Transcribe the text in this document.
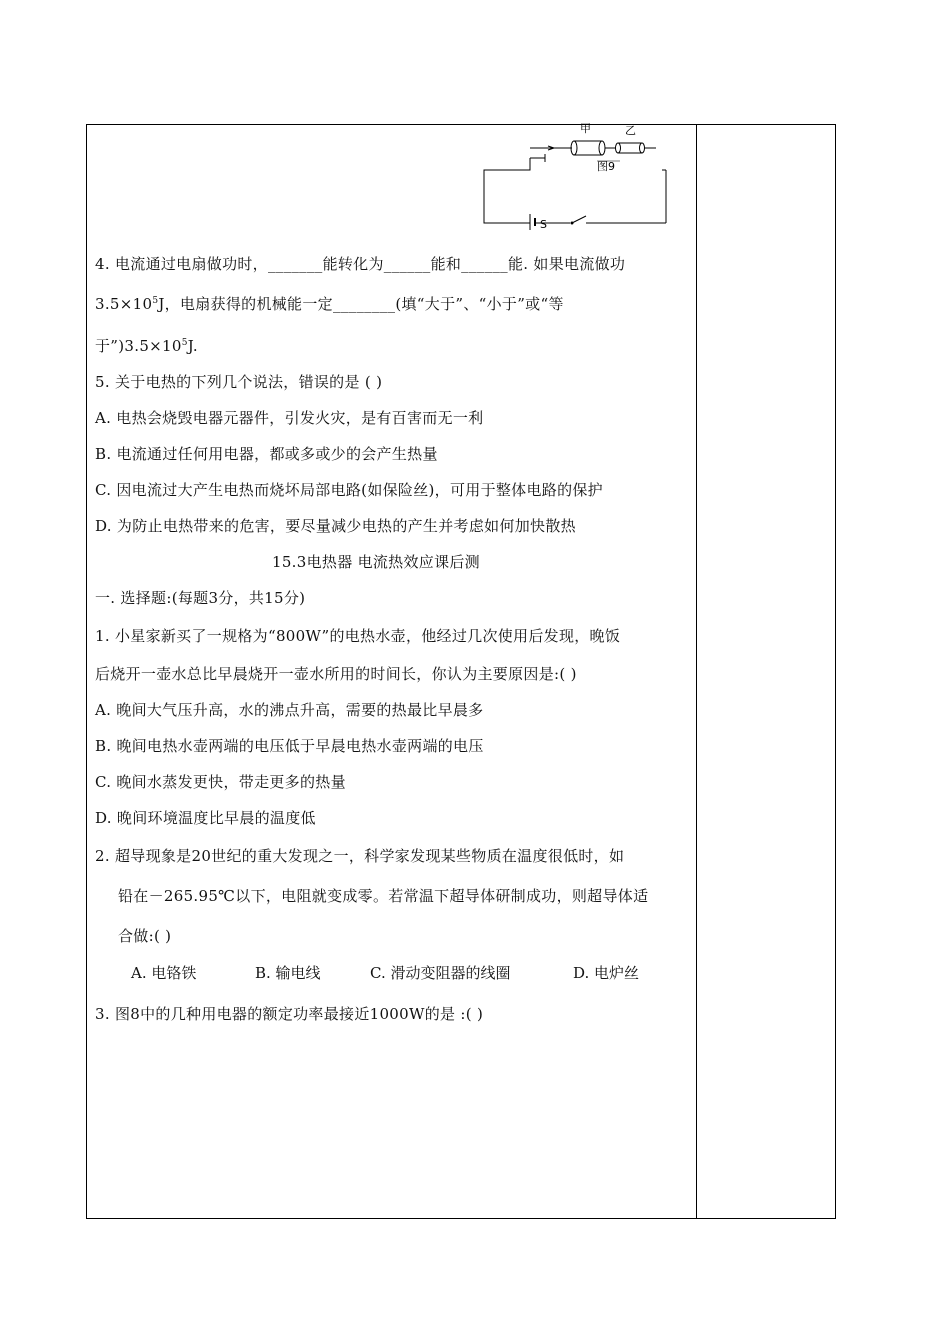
甲	乙
图9
S
4. 电流通过电扇做功时，_______能转化为______能和______能. 如果电流做功
$3.5\times 10^5J$，电扇获得的机械能一定________(填“大于”、“小于”或“等
于$”)3.5\times 10^5J$.
5. 关于电热的下列几个说法，错误的是 ( )
A. 电热会烧毁电器元器件，引发火灾，是有百害而无一利
B. 电流通过任何用电器，都或多或少的会产生热量
C. 因电流过大产生电热而烧坏局部电路(如保险丝)，可用于整体电路的保护
D. 为防止电热带来的危害，要尽量减少电热的产生并考虑如何加快散热
15.3电热器 电流热效应课后测
一. 选择题:(每题3分，共15分)
1. 小星家新买了一规格为“800W”的电热水壶，他经过几次使用后发现，晚饭
后烧开一壶水总比早晨烧开一壶水所用的时间长，你认为主要原因是:( )
A. 晚间大气压升高，水的沸点升高，需要的热最比早晨多
B. 晚间电热水壶两端的电压低于早晨电热水壶两端的电压
C. 晚间水蒸发更快，带走更多的热量
D. 晚间环境温度比早晨的温度低
2. 超导现象是20世纪的重大发现之一，科学家发现某些物质在温度很低时，如
铅在－265.95℃以下，电阻就变成零。若常温下超导体研制成功，则超导体适
合做:( )
A. 电铬铁	B. 输电线	C. 滑动变阻器的线圈	D. 电炉丝
3. 图8中的几种用电器的额定功率最接近1000W的是 :( )
